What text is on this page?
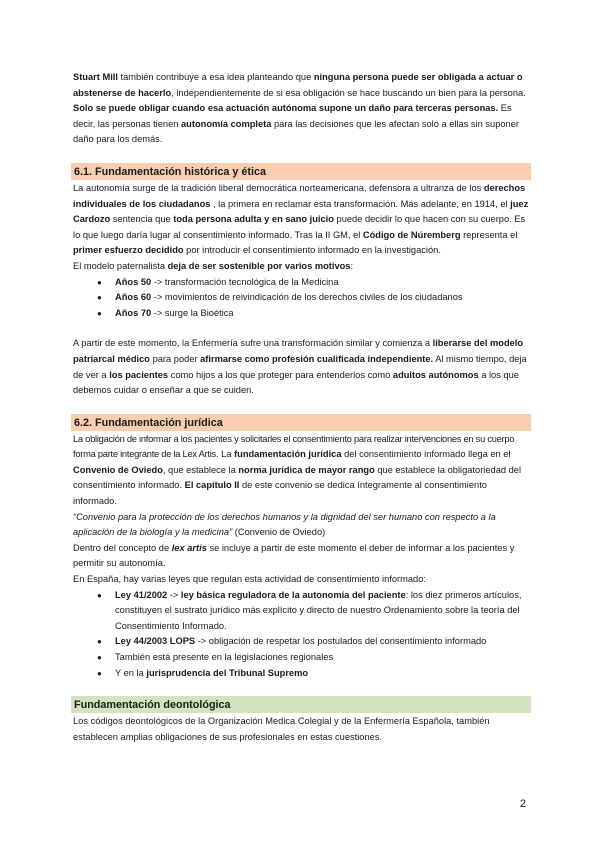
Stuart Mill también contribuye a esa idea planteando que ninguna persona puede ser obligada a actuar o abstenerse de hacerlo, independientemente de si esa obligación se hace buscando un bien para la persona. Solo se puede obligar cuando esa actuación autónoma supone un daño para terceras personas. Es decir, las personas tienen autonomía completa para las decisiones que les afectan solo a ellas sin suponer daño para los demás.

6.1. Fundamentación histórica y ética

La autonomía surge de la tradición liberal democrática norteamericana, defensora a ultranza de los derechos individuales de los ciudadanos , la primera en reclamar esta transformación. Más adelante, en 1914, el juez Cardozo sentencia que toda persona adulta y en sano juicio puede decidir lo que hacen con su cuerpo. Es lo que luego daría lugar al consentimiento informado. Tras la II GM, el Código de Núremberg representa el primer esfuerzo decidido por introducir el consentimiento informado en la investigación.

El modelo paternalista deja de ser sostenible por varios motivos:

● Años 50 -> transformación tecnológica de la Medicina
● Años 60 -> movimientos de reivindicación de los derechos civiles de los ciudadanos
● Años 70 -> surge la Bioética

A partir de este momento, la Enfermería sufre una transformación similar y comienza a liberarse del modelo patriarcal médico para poder afirmarse como profesión cualificada independiente. Al mismo tiempo, deja de ver a los pacientes como hijos a los que proteger para entenderlos como adultos autónomos a los que debemos cuidar o enseñar a que se cuiden.

6.2. Fundamentación jurídica

La obligación de informar a los pacientes y solicitarles el consentimiento para realizar intervenciones en su cuerpo forma parte integrante de la Lex Artis. La fundamentación jurídica del consentimiento informado llega en el Convenio de Oviedo, que establece la norma jurídica de mayor rango que establece la obligatoriedad del consentimiento informado. El capítulo II de este convenio se dedica íntegramente al consentimiento informado.

“Convenio para la protección de los derechos humanos y la dignidad del ser humano con respecto a la aplicación de la biología y la medicina” (Convenio de Oviedo)

Dentro del concepto de lex artis se incluye a partir de este momento el deber de informar a los pacientes y permitir su autonomía.

En España, hay varias leyes que regulan esta actividad de consentimiento informado:

● Ley 41/2002 -> ley básica reguladora de la autonomía del paciente: los diez primeros artículos, constituyen el sustrato jurídico más explícito y directo de nuestro Ordenamiento sobre la teoría del Consentimiento Informado.
● Ley 44/2003 LOPS -> obligación de respetar los postulados del consentimiento informado
● También está presente en la legislaciones regionales
● Y en la jurisprudencia del Tribunal Supremo
Fundamentación deontológica

Los códigos deontológicos de la Organización Medica Colegial y de la Enfermería Española, también establecen amplias obligaciones de sus profesionales en estas cuestiones.

2
